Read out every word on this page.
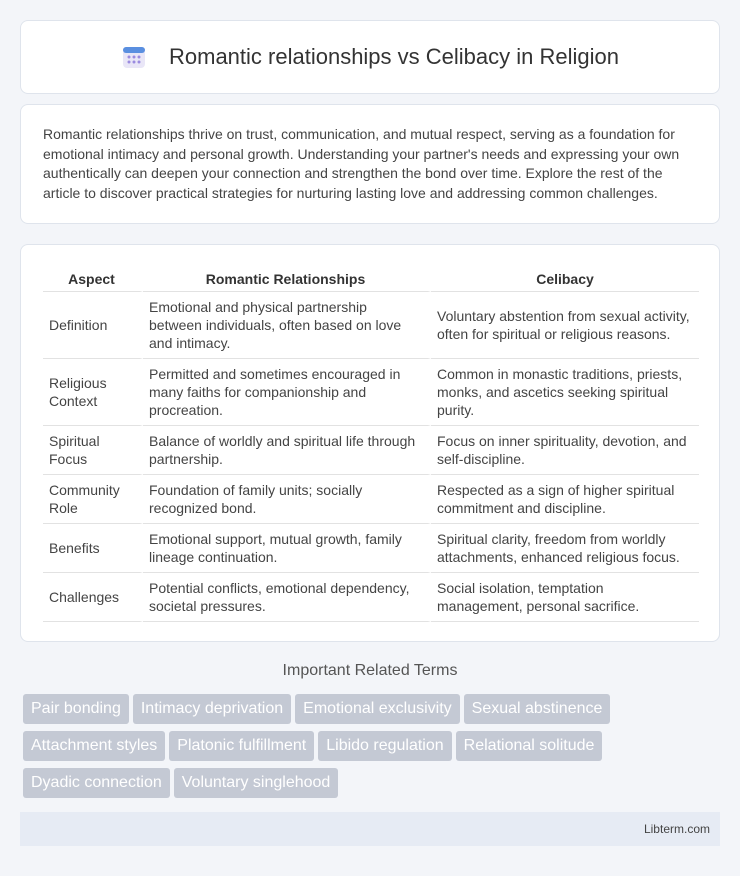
Romantic relationships vs Celibacy in Religion

Romantic relationships thrive on trust, communication, and mutual respect, serving as a foundation for emotional intimacy and personal growth. Understanding your partner's needs and expressing your own authentically can deepen your connection and strengthen the bond over time. Explore the rest of the article to discover practical strategies for nurturing lasting love and addressing common challenges.

Aspect	Romantic Relationships	Celibacy
Definition	Emotional and physical partnership between individuals, often based on love and intimacy.	Voluntary abstention from sexual activity, often for spiritual or religious reasons.
Religious Context	Permitted and sometimes encouraged in many faiths for companionship and procreation.	Common in monastic traditions, priests, monks, and ascetics seeking spiritual purity.
Spiritual Focus	Balance of worldly and spiritual life through partnership.	Focus on inner spirituality, devotion, and self-discipline.
Community Role	Foundation of family units; socially recognized bond.	Respected as a sign of higher spiritual commitment and discipline.
Benefits	Emotional support, mutual growth, family lineage continuation.	Spiritual clarity, freedom from worldly attachments, enhanced religious focus.
Challenges	Potential conflicts, emotional dependency, societal pressures.	Social isolation, temptation management, personal sacrifice.
Important Related Terms
Pair bonding Intimacy deprivation Emotional exclusivity Sexual abstinence
Attachment styles Platonic fulfillment Libido regulation Relational solitude
Dyadic connection Voluntary singlehood
Libterm.com
